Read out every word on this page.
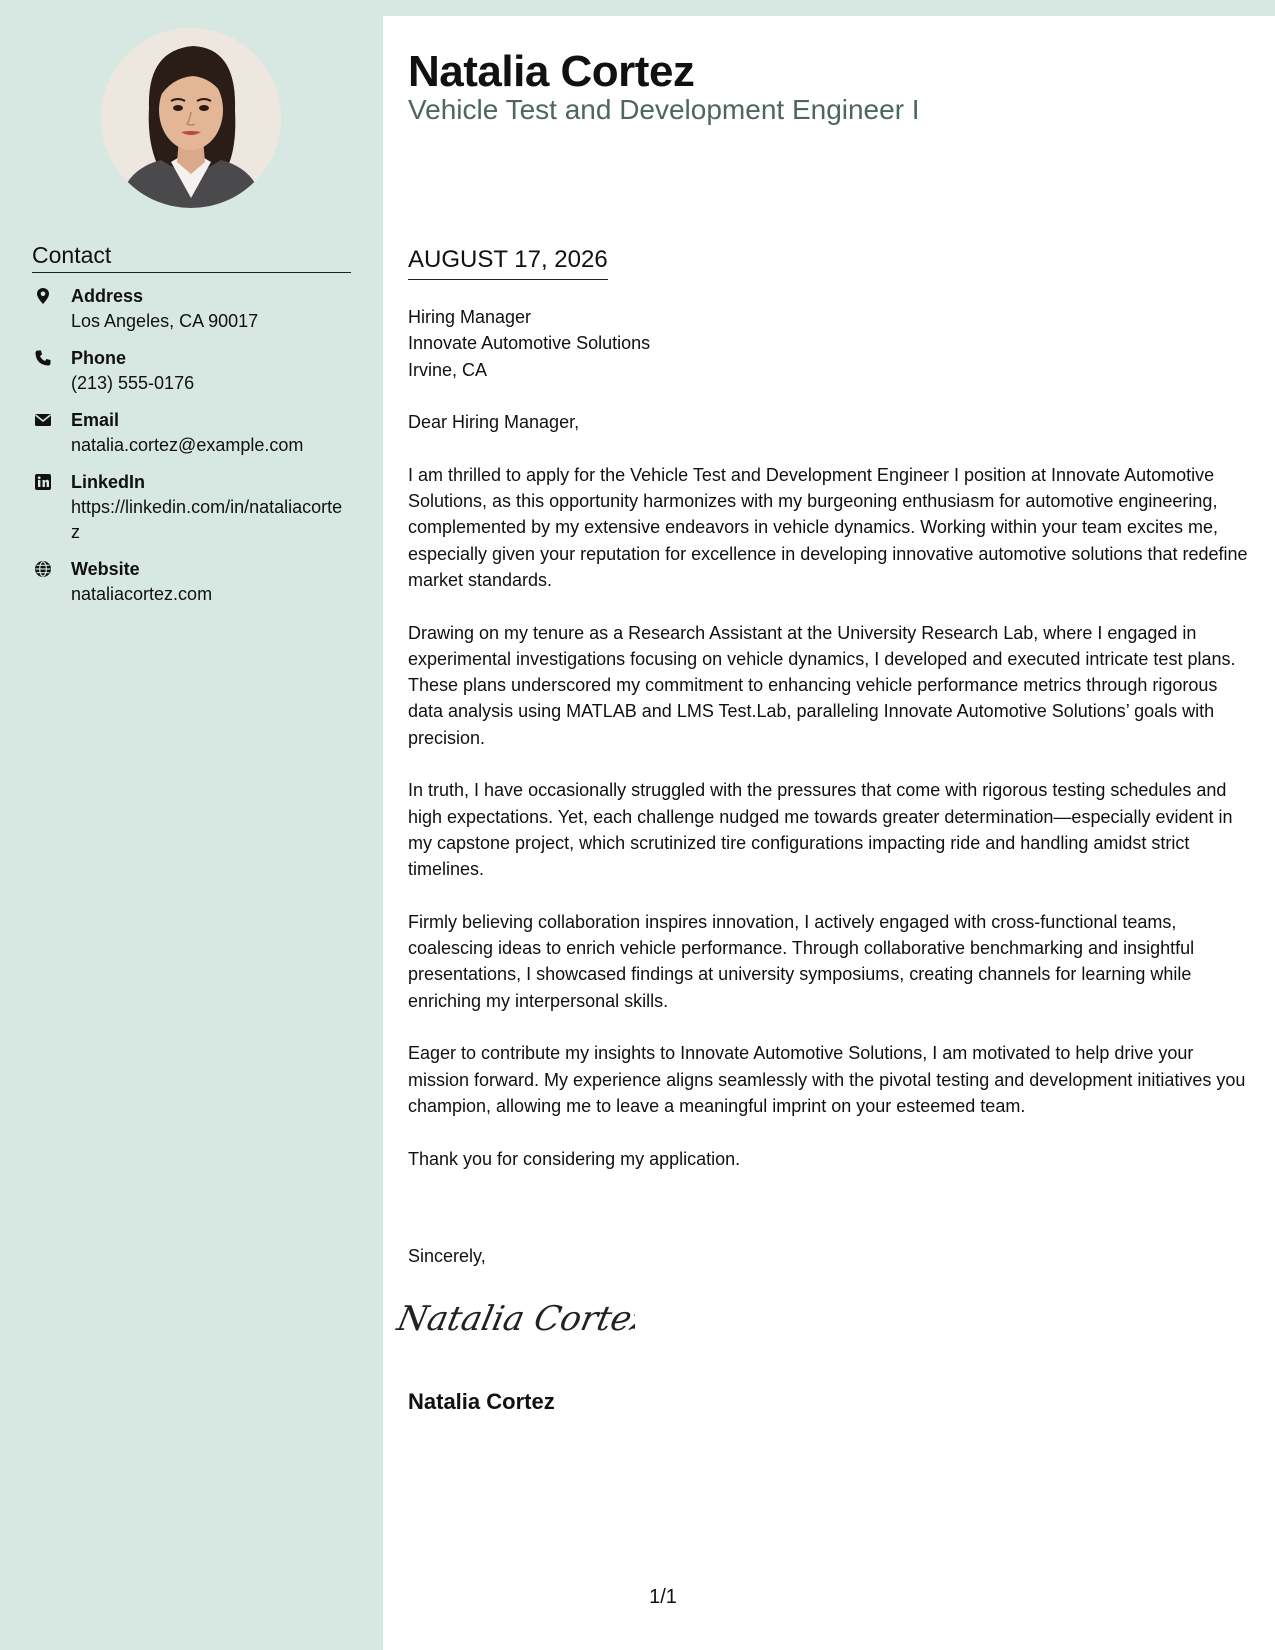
Contact
Address
Los Angeles, CA 90017
Phone
(213) 555-0176
Email
natalia.cortez@example.com
LinkedIn
https://linkedin.com/in/nataliacortez
Website
nataliacortez.com
Natalia Cortez
Vehicle Test and Development Engineer I
AUGUST 17, 2026

Hiring Manager
Innovate Automotive Solutions
Irvine, CA

Dear Hiring Manager,

I am thrilled to apply for the Vehicle Test and Development Engineer I position at Innovate Automotive Solutions, as this opportunity harmonizes with my burgeoning enthusiasm for automotive engineering, complemented by my extensive endeavors in vehicle dynamics. Working within your team excites me, especially given your reputation for excellence in developing innovative automotive solutions that redefine market standards.

Drawing on my tenure as a Research Assistant at the University Research Lab, where I engaged in experimental investigations focusing on vehicle dynamics, I developed and executed intricate test plans. These plans underscored my commitment to enhancing vehicle performance metrics through rigorous data analysis using MATLAB and LMS Test.Lab, paralleling Innovate Automotive Solutions’ goals with precision.

In truth, I have occasionally struggled with the pressures that come with rigorous testing schedules and high expectations. Yet, each challenge nudged me towards greater determination—especially evident in my capstone project, which scrutinized tire configurations impacting ride and handling amidst strict timelines.

Firmly believing collaboration inspires innovation, I actively engaged with cross-functional teams, coalescing ideas to enrich vehicle performance. Through collaborative benchmarking and insightful presentations, I showcased findings at university symposiums, creating channels for learning while enriching my interpersonal skills.

Eager to contribute my insights to Innovate Automotive Solutions, I am motivated to help drive your mission forward. My experience aligns seamlessly with the pivotal testing and development initiatives you champion, allowing me to leave a meaningful imprint on your esteemed team.

Thank you for considering my application.

Sincerely,
Natalia Cortez
Natalia Cortez
1/1
